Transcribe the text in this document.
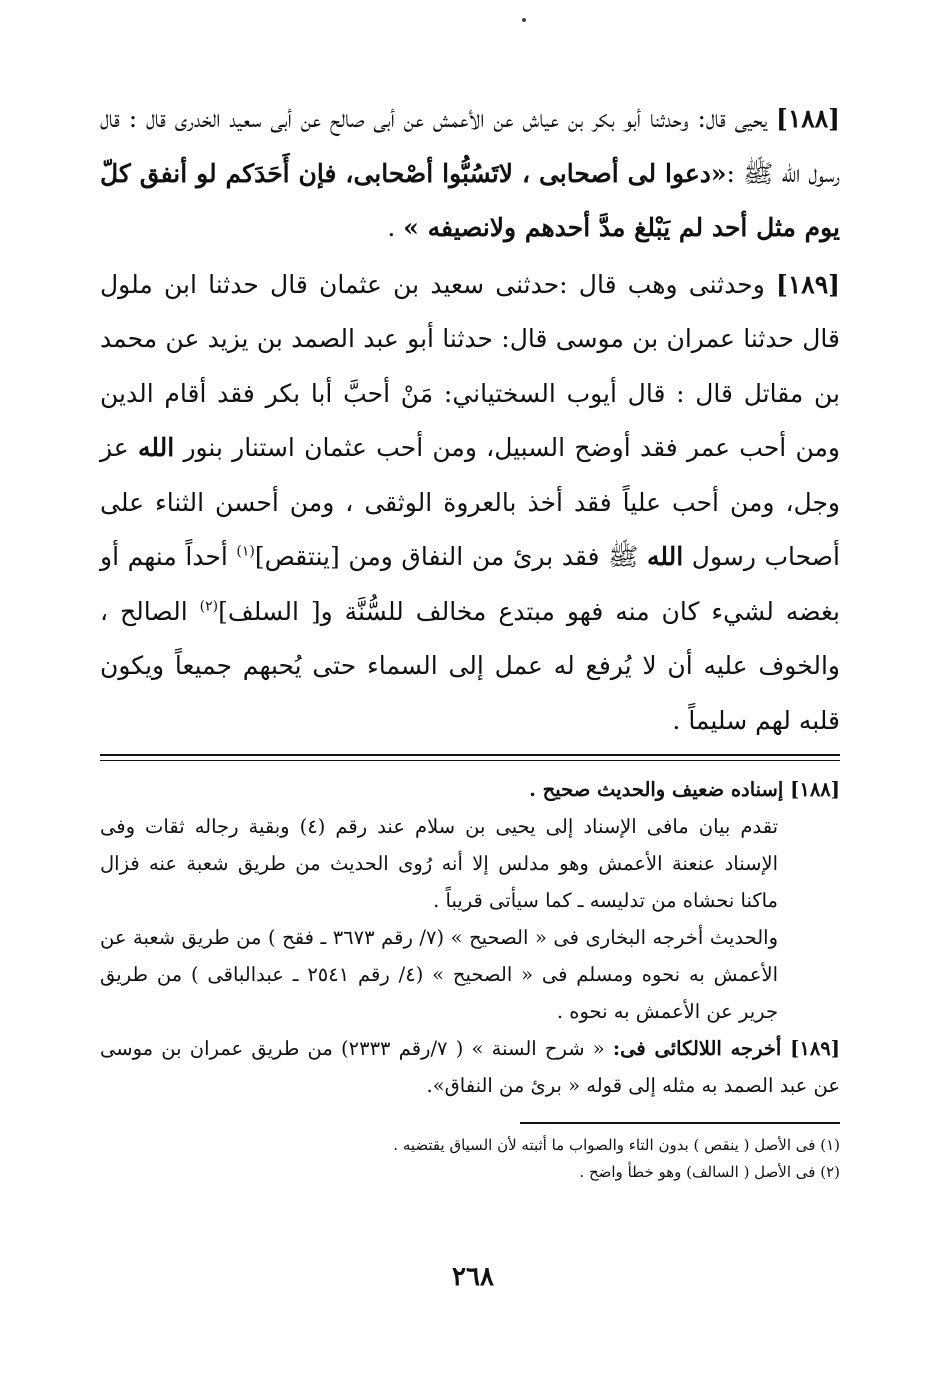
[١٨٨] يحيى قال: وحدثنا أبو بكر بن عياش عن الأعمش عن أبى صالح عن أبى سعيد الخدرى قال : قال رسول الله ﷺ :«دعوا لى أصحابى ، لاتَسُبُّوا أصْحابى، فإن أَحَدَكم لو أنفق كلّ يوم مثل أحد لم يَبْلغ مدَّ أحدهم ولانصيفه » .

[١٨٩] وحدثنى وهب قال :حدثنى سعيد بن عثمان قال حدثنا ابن ملول قال حدثنا عمران بن موسى قال: حدثنا أبو عبد الصمد بن يزيد عن محمد بن مقاتل قال : قال أيوب السختياني: مَنْ أحبَّ أبا بكر فقد أقام الدين ومن أحب عمر فقد أوضح السبيل، ومن أحب عثمان استنار بنور الله عز وجل، ومن أحب علياً فقد أخذ بالعروة الوثقى ، ومن أحسن الثناء على أصحاب رسول الله ﷺ فقد برئ من النفاق ومن [ينتقص]$^{(١)}$ أحداً منهم أو بغضه لشيء كان منه فهو مبتدع مخالف للسُّنَّة و[ السلف]$^{(٢)}$ الصالح ، والخوف عليه أن لا يُرفع له عمل إلى السماء حتى يُحبهم جميعاً ويكون قلبه لهم سليماً .

[١٨٨] إسناده ضعيف والحديث صحيح .

تقدم بيان مافى الإسناد إلى يحيى بن سلام عند رقم (٤) وبقية رجاله ثقات وفى الإسناد عنعنة الأعمش وهو مدلس إلا أنه رُوى الحديث من طريق شعبة عنه فزال ماكنا نحشاه من تدليسه ـ كما سيأتى قريباً .

والحديث أخرجه البخارى فى « الصحيح » (٧/ رقم ٣٦٧٣ ـ فقح ) من طريق شعبة عن الأعمش به نحوه ومسلم فى « الصحيح » (٤/ رقم ٢٥٤١ ـ عبدالباقى ) من طريق جرير عن الأعمش به نحوه .

[١٨٩] أخرجه اللالكائى فى: « شرح السنة » ( ٧/رقم ٢٣٣٣) من طريق عمران بن موسى عن عبد الصمد به مثله إلى قوله « برئ من النفاق».

(١) فى الأصل ( ينقص ) بدون التاء والصواب ما أثبته لأن السياق يقتضيه .

(٢) فى الأصل ( السالف) وهو خطأ واضح .

٢٦٨
